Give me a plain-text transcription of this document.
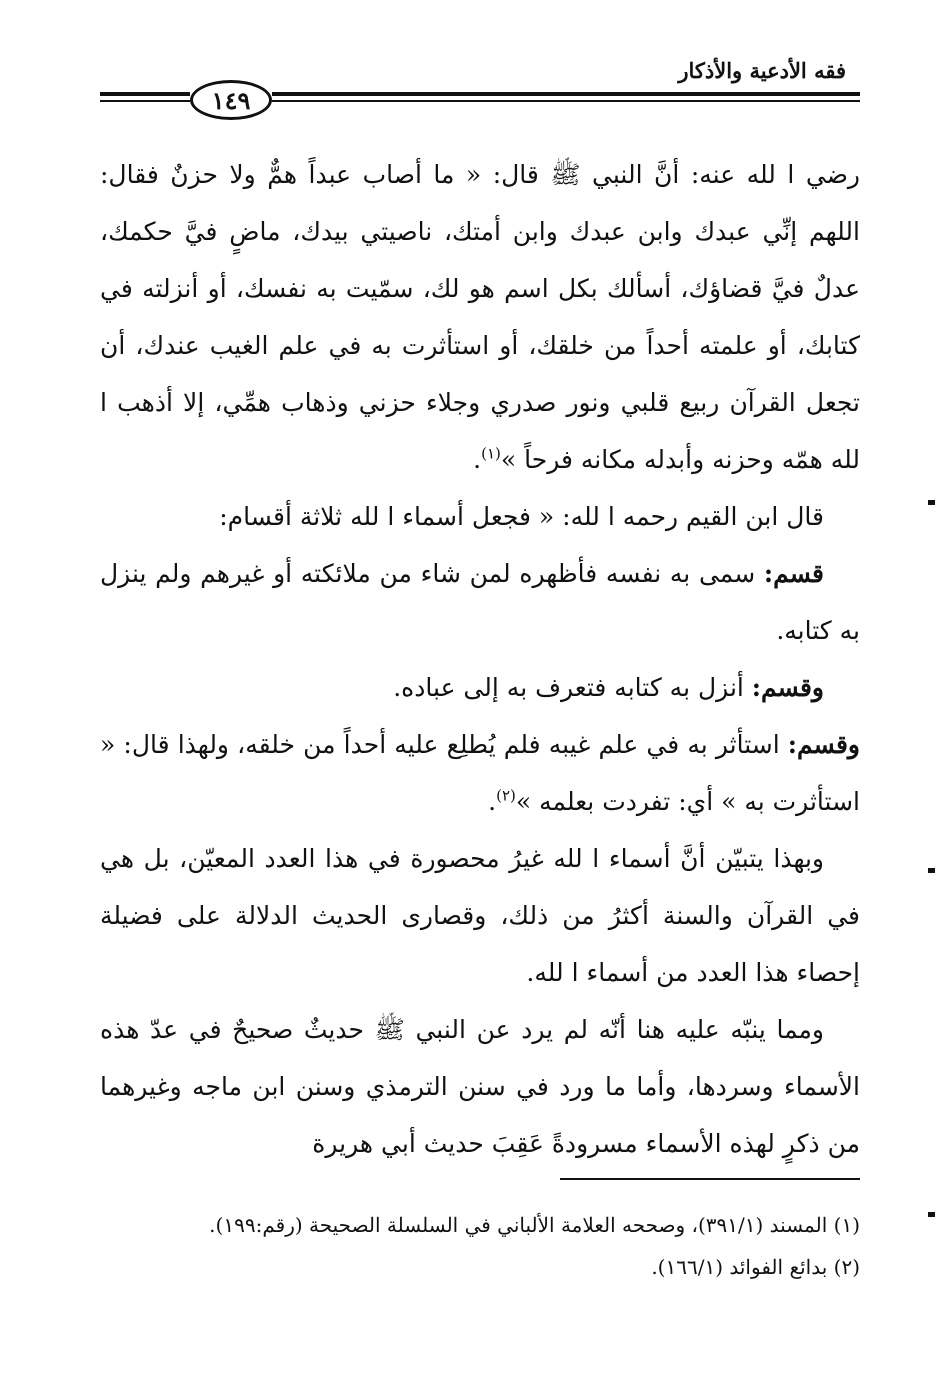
فقه الأدعية والأذكار
١٤٩

رضي ا لله عنه: أنَّ النبي ﷺ قال: « ما أصاب عبداً همٌّ ولا حزنٌ فقال: اللهم إنِّي عبدك وابن عبدك وابن أمتك، ناصيتي بيدك، ماضٍ فيَّ حكمك، عدلٌ فيَّ قضاؤك، أسألك بكل اسم هو لك، سمّيت به نفسك، أو أنزلته في كتابك، أو علمته أحداً من خلقك، أو استأثرت به في علم الغيب عندك، أن تجعل القرآن ربيع قلبي ونور صدري وجلاء حزني وذهاب همِّي، إلا أذهب ا لله همّه وحزنه وأبدله مكانه فرحاً »$^{(١)}$.

قال ابن القيم رحمه ا لله: « فجعل أسماء ا لله ثلاثة أقسام:

قسم: سمى به نفسه فأظهره لمن شاء من ملائكته أو غيرهم ولم ينزل به كتابه.

وقسم: أنزل به كتابه فتعرف به إلى عباده.

وقسم: استأثر به في علم غيبه فلم يُطلِع عليه أحداً من خلقه، ولهذا قال: « استأثرت به » أي: تفردت بعلمه »$^{(٢)}$.

وبهذا يتبيّن أنَّ أسماء ا لله غيرُ محصورة في هذا العدد المعيّن، بل هي في القرآن والسنة أكثرُ من ذلك، وقصارى الحديث الدلالة على فضيلة إحصاء هذا العدد من أسماء ا لله.

ومما ينبّه عليه هنا أنّه لم يرد عن النبي ﷺ حديثٌ صحيحٌ في عدّ هذه الأسماء وسردها، وأما ما ورد في سنن الترمذي وسنن ابن ماجه وغيرهما من ذكرٍ لهذه الأسماء مسرودةً عَقِبَ حديث أبي هريرة

(١) المسند (٣٩١/١)، وصححه العلامة الألباني في السلسلة الصحيحة (رقم:١٩٩).

(٢) بدائع الفوائد (١٦٦/١).
